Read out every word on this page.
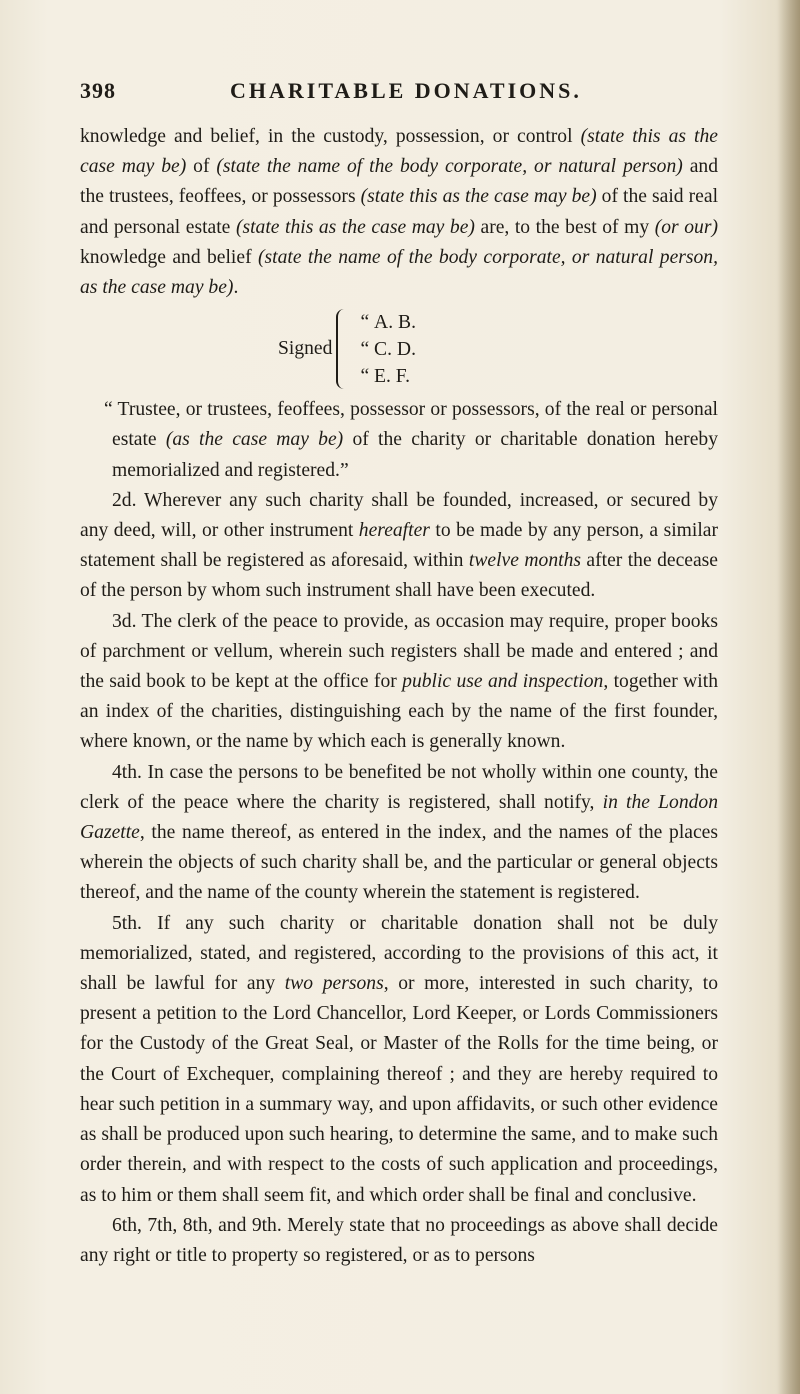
398	CHARITABLE DONATIONS.

knowledge and belief, in the custody, possession, or control (state this as the case may be) of (state the name of the body corporate, or natural person) and the trustees, feoffees, or possessors (state this as the case may be) of the said real and personal estate (state this as the case may be) are, to the best of my (or our) knowledge and belief (state the name of the body corporate, or natural person, as the case may be).

Signed
“ A. B.
“ C. D.
“ E. F.

“ Trustee, or trustees, feoffees, possessor or possessors, of the real or personal estate (as the case may be) of the charity or charitable donation hereby memorialized and registered.”

2d. Wherever any such charity shall be founded, increased, or secured by any deed, will, or other instrument hereafter to be made by any person, a similar statement shall be registered as aforesaid, within twelve months after the decease of the person by whom such instrument shall have been executed.

3d. The clerk of the peace to provide, as occasion may require, proper books of parchment or vellum, wherein such registers shall be made and entered ; and the said book to be kept at the office for public use and inspection, together with an index of the charities, distinguishing each by the name of the first founder, where known, or the name by which each is generally known.

4th. In case the persons to be benefited be not wholly within one county, the clerk of the peace where the charity is registered, shall notify, in the London Gazette, the name thereof, as entered in the index, and the names of the places wherein the objects of such charity shall be, and the particular or general objects thereof, and the name of the county wherein the statement is registered.

5th. If any such charity or charitable donation shall not be duly memorialized, stated, and registered, according to the provisions of this act, it shall be lawful for any two persons, or more, interested in such charity, to present a petition to the Lord Chancellor, Lord Keeper, or Lords Commissioners for the Custody of the Great Seal, or Master of the Rolls for the time being, or the Court of Exchequer, complaining thereof ; and they are hereby required to hear such petition in a summary way, and upon affidavits, or such other evidence as shall be produced upon such hearing, to determine the same, and to make such order therein, and with respect to the costs of such application and proceedings, as to him or them shall seem fit, and which order shall be final and conclusive.

6th, 7th, 8th, and 9th. Merely state that no proceedings as above shall decide any right or title to property so registered, or as to persons
